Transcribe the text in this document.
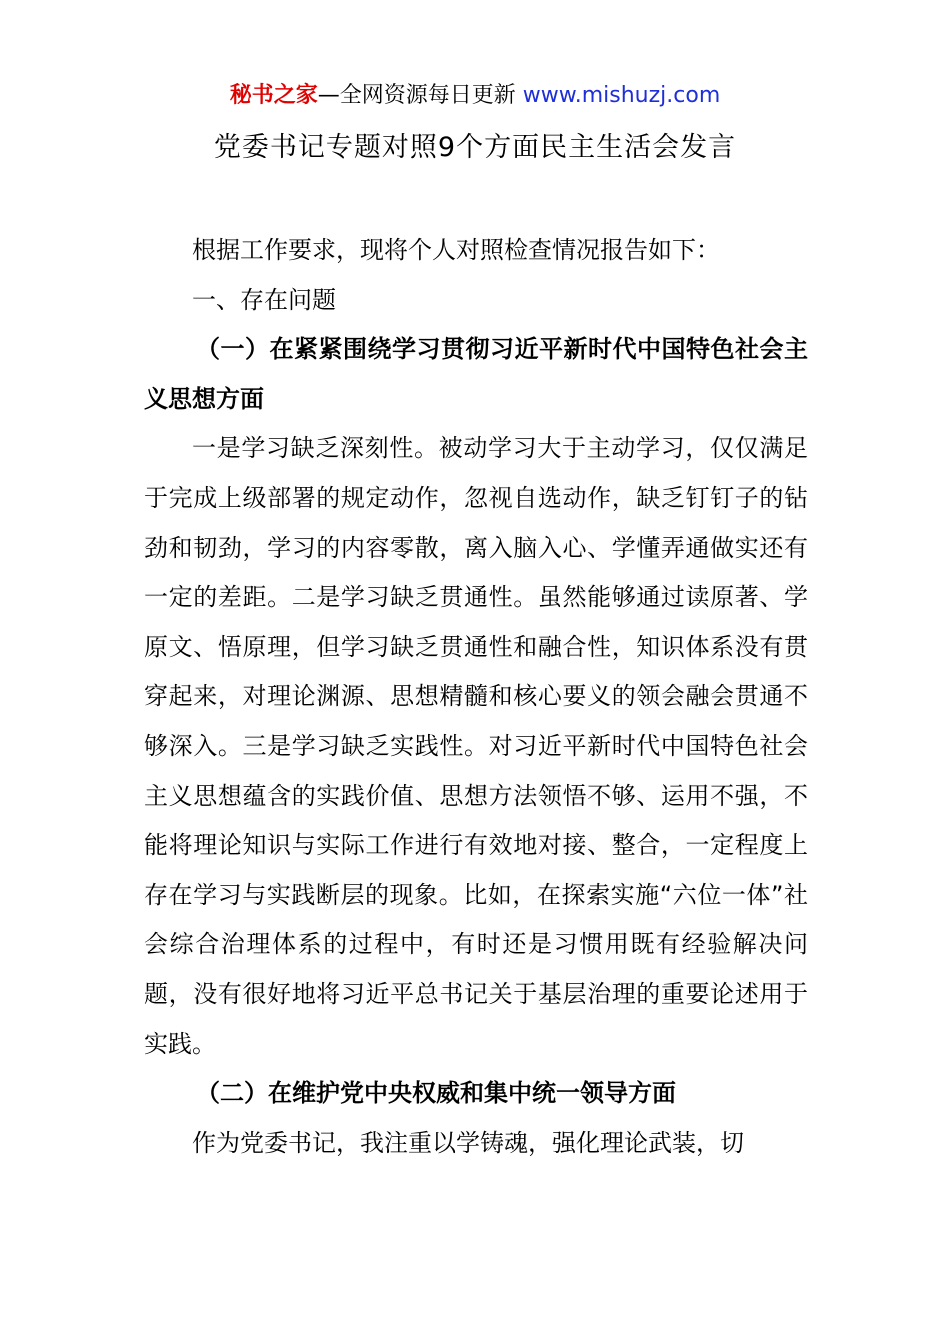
秘书之家—全网资源每日更新 www.mishuzj.com
党委书记专题对照9个方面民主生活会发言

根据工作要求，现将个人对照检查情况报告如下：

一、存在问题

（一）在紧紧围绕学习贯彻习近平新时代中国特色社会主义思想方面

一是学习缺乏深刻性。被动学习大于主动学习，仅仅满足于完成上级部署的规定动作，忽视自选动作，缺乏钉钉子的钻劲和韧劲，学习的内容零散，离入脑入心、学懂弄通做实还有一定的差距。二是学习缺乏贯通性。虽然能够通过读原著、学原文、悟原理，但学习缺乏贯通性和融合性，知识体系没有贯穿起来，对理论渊源、思想精髓和核心要义的领会融会贯通不够深入。三是学习缺乏实践性。对习近平新时代中国特色社会主义思想蕴含的实践价值、思想方法领悟不够、运用不强，不能将理论知识与实际工作进行有效地对接、整合，一定程度上存在学习与实践断层的现象。比如，在探索实施“六位一体”社会综合治理体系的过程中，有时还是习惯用既有经验解决问题，没有很好地将习近平总书记关于基层治理的重要论述用于实践。

（二）在维护党中央权威和集中统一领导方面

作为党委书记，我注重以学铸魂，强化理论武装，切
